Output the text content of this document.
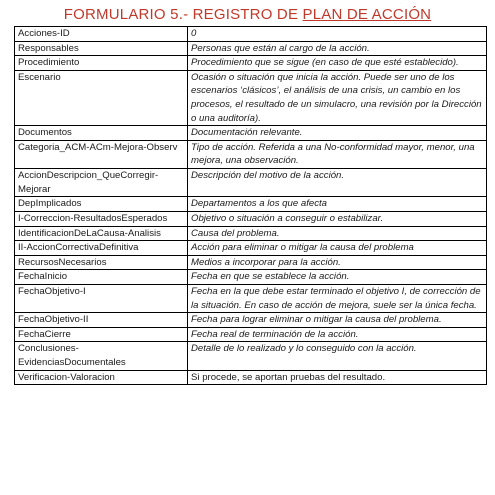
FORMULARIO 5.- REGISTRO DE PLAN DE ACCIÓN
Acciones-ID	0
Responsables	Personas que están al cargo de la acción.
Procedimiento	Procedimiento que se sigue (en caso de que esté establecido).
Escenario	Ocasión o situación que inicia la acción. Puede ser uno de los escenarios ‘clásicos’, el análisis de una crisis, un cambio en los procesos, el resultado de un simulacro, una revisión por la Dirección o una auditoría).
Documentos	Documentación relevante.
Categoria_ACM-ACm-Mejora-Observ	Tipo de acción. Referida a una No-conformidad mayor, menor, una mejora, una observación.
AccionDescripcion_QueCorregir-Mejorar	Descripción del motivo de la acción.
DepImplicados	Departamentos a los que afecta
I-Correccion-ResultadosEsperados	Objetivo o situación a conseguir o estabilizar.
IdentificacionDeLaCausa-Analisis	Causa del problema.
II-AccionCorrectivaDefinitiva	Acción para eliminar o mitigar la causa del problema
RecursosNecesarios	Medios a incorporar para la acción.
FechaInicio	Fecha en que se establece la acción.
FechaObjetivo-I	Fecha en la que debe estar terminado el objetivo I, de corrección de la situación. En caso de acción de mejora, suele ser la única fecha.
FechaObjetivo-II	Fecha para lograr eliminar o mitigar la causa del problema.
FechaCierre	Fecha real de terminación de la acción.
Conclusiones-EvidenciasDocumentales	Detalle de lo realizado y lo conseguido con la acción.
Verificacion-Valoracion	Si procede, se aportan pruebas del resultado.
